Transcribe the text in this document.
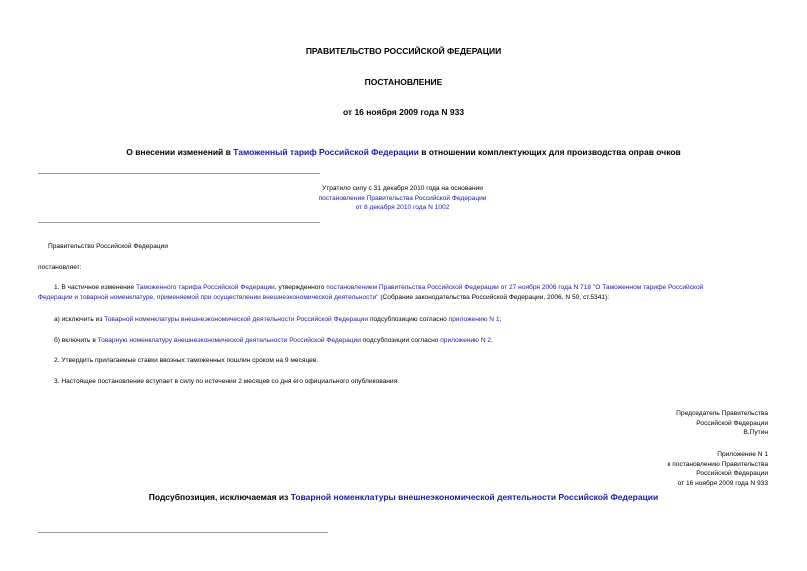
ПРАВИТЕЛЬСТВО РОССИЙСКОЙ ФЕДЕРАЦИИ
ПОСТАНОВЛЕНИЕ
от 16 ноября 2009 года N 933
О внесении изменений в Таможенный тариф Российской Федерации в отношении комплектующих для производства оправ очков
Утратило силу с 31 декабря 2010 года на основании
постановления Правительства Российской Федерации
от 8 декабря 2010 года N 1002
Правительство Российской Федерации
постановляет:
1. В частичное изменение Таможенного тарифа Российской Федерации, утвержденного постановлением Правительства Российской Федерации от 27 ноября 2006 года N 718 "О Таможенном тарифе Российской
Федерации и товарной номенклатуре, применяемой при осуществлении внешнеэкономической деятельности" (Собрание законодательства Российской Федерации, 2006, N 50, ст.5341):
а) исключить из Товарной номенклатуры внешнеэкономической деятельности Российской Федерации подсубпозицию согласно приложению N 1;
б) включить в Товарную номенклатуру внешнеэкономической деятельности Российской Федерации подсубпозиции согласно приложению N 2.
2. Утвердить прилагаемые ставки ввозных таможенных пошлин сроком на 9 месяцев.
3. Настоящее постановление вступает в силу по истечении 2 месяцев со дня его официального опубликования.
Председатель Правительства
Российской Федерации
В.Путин
Приложение N 1
к постановлению Правительства
Российской Федерации
от 16 ноября 2009 года N 933
Подсубпозиция, исключаемая из Товарной номенклатуры внешнеэкономической деятельности Российской Федерации
